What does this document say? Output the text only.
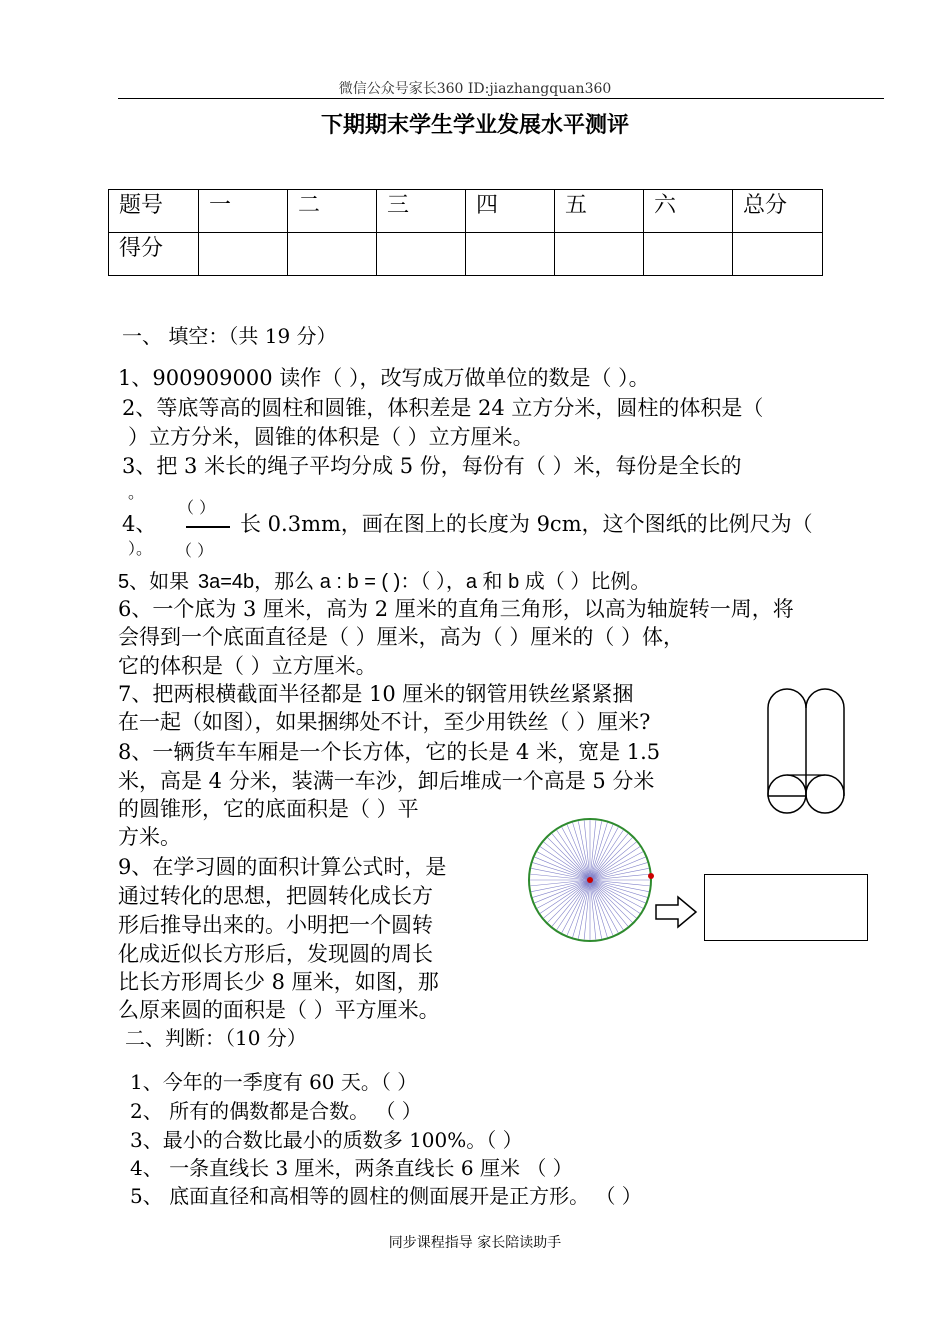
微信公众号家长360 ID:jiazhangquan360
下期期末学生学业发展水平测评
题号	一	二	三	四	五	六	总分
得分							
一、 填空：（共 19 分）
1、900909000 读作（ ），改写成万做单位的数是（ ）。
2、等底等高的圆柱和圆锥，体积差是 24 立方分米，圆柱的体积是（
）立方分米，圆锥的体积是（ ）立方厘米。
3、把 3 米长的绳子平均分成 5 份，每份有（ ）米，每份是全长的
。
（ ）
4、	长 0.3mm，画在图上的长度为 9cm，这个图纸的比例尺为（
）。 （ ）
5、如果 3a=4b，那么 a : b = ( )：（ ），a 和 b 成（ ）比例。
6、一个底为 3 厘米，高为 2 厘米的直角三角形，以高为轴旋转一周，将
会得到一个底面直径是（ ）厘米，高为（ ）厘米的（ ）体，
它的体积是（ ）立方厘米。
7、把两根横截面半径都是 10 厘米的钢管用铁丝紧紧捆
在一起（如图），如果捆绑处不计，至少用铁丝（ ）厘米?
8、一辆货车车厢是一个长方体，它的长是 4 米，宽是 1.5
米，高是 4 分米，装满一车沙，卸后堆成一个高是 5 分米
的圆锥形，它的底面积是（ ）平
方米。
9、在学习圆的面积计算公式时，是
通过转化的思想，把圆转化成长方
形后推导出来的。小明把一个圆转
化成近似长方形后，发现圆的周长
比长方形周长少 8 厘米，如图，那
么原来圆的面积是（ ）平方厘米。
二、判断：（10 分）
1、今年的一季度有 60 天。（ ）
2、 所有的偶数都是合数。 （ ）
3、最小的合数比最小的质数多 100%。（ ）
4、 一条直线长 3 厘米，两条直线长 6 厘米 （ ）
5、 底面直径和高相等的圆柱的侧面展开是正方形。 （ ）
同步课程指导 家长陪读助手
